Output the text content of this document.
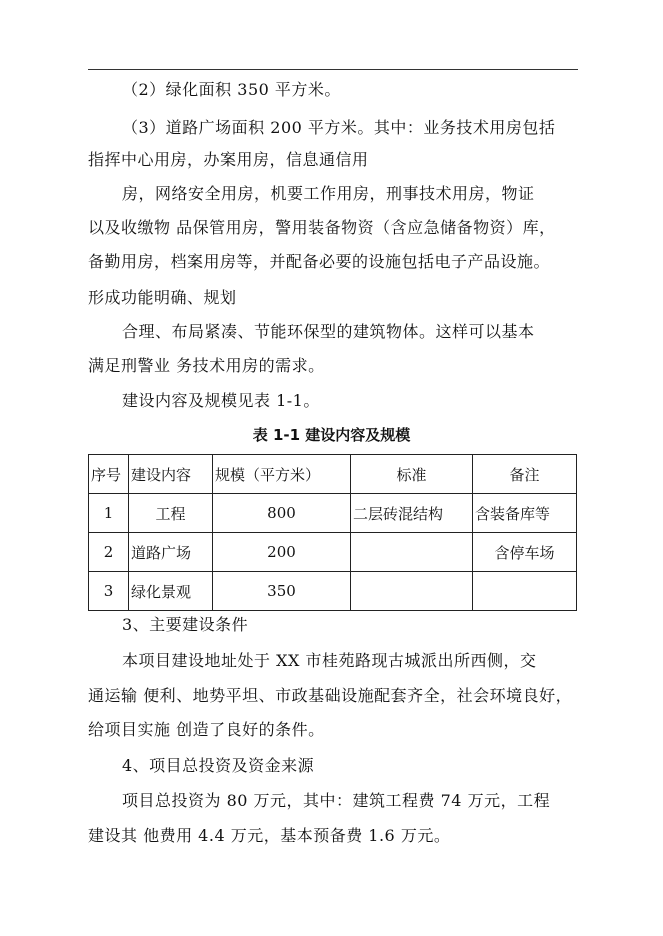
（2）绿化面积 350 平方米。
（3）道路广场面积 200 平方米。其中：业务技术用房包括
指挥中心用房，办案用房，信息通信用
房，网络安全用房，机要工作用房，刑事技术用房，物证
以及收缴物 品保管用房，警用装备物资（含应急储备物资）库，
备勤用房，档案用房等，并配备必要的设施包括电子产品设施。
形成功能明确、规划
合理、布局紧凑、节能环保型的建筑物体。这样可以基本
满足刑警业 务技术用房的需求。
建设内容及规模见表 1-1。
表 1-1 建设内容及规模
序号	建设内容	规模（平方米）	标准	备注
1	工程	800	二层砖混结构	含装备库等
2	道路广场	200		含停车场
3	绿化景观	350		
3、主要建设条件
本项目建设地址处于 XX 市桂苑路现古城派出所西侧，交
通运输 便利、地势平坦、市政基础设施配套齐全，社会环境良好，
给项目实施 创造了良好的条件。
4、项目总投资及资金来源
项目总投资为 80 万元，其中：建筑工程费 74 万元，工程
建设其 他费用 4.4 万元，基本预备费 1.6 万元。
